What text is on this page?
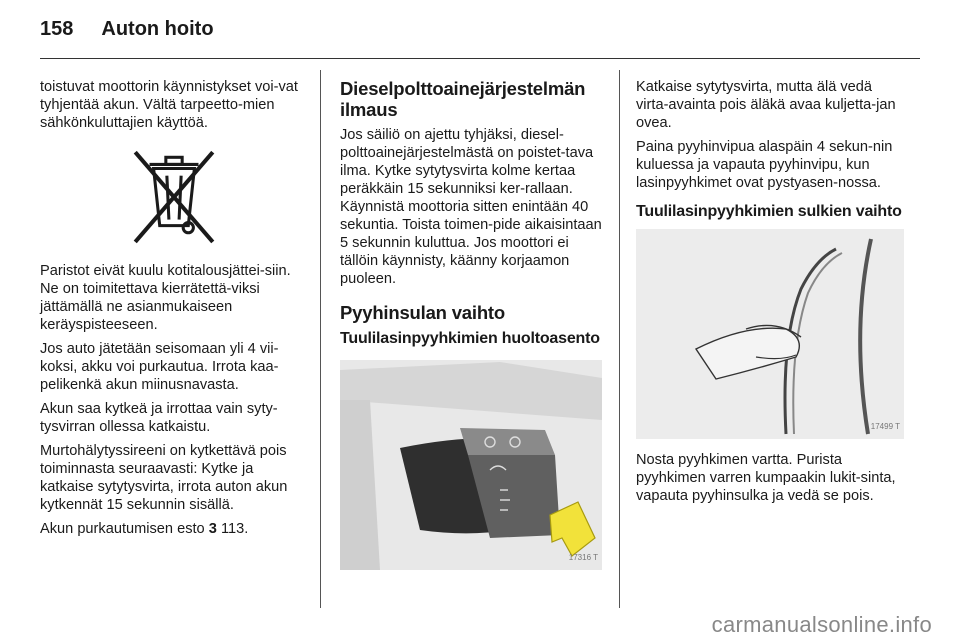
158 Auton hoito

toistuvat moottorin käynnistykset voi-vat tyhjentää akun. Vältä tarpeetto-mien sähkönkuluttajien käyttöä.

Paristot eivät kuulu kotitalousjättei-siin. Ne on toimitettava kierrätettä-viksi jättämällä ne asianmukaiseen keräyspisteeseen.

Jos auto jätetään seisomaan yli 4 vii-koksi, akku voi purkautua. Irrota kaa-pelikenkä akun miinusnavasta.

Akun saa kytkeä ja irrottaa vain syty-tysvirran ollessa katkaistu.

Murtohälytyssireeni on kytkettävä pois toiminnasta seuraavasti: Kytke ja katkaise sytytysvirta, irrota auton akun kytkennät 15 sekunnin sisällä.

Akun purkautumisen esto 3 113.

Dieselpolttoainejärjestelmän ilmaus

Jos säiliö on ajettu tyhjäksi, diesel-polttoainejärjestelmästä on poistet-tava ilma. Kytke sytytysvirta kolme kertaa peräkkäin 15 sekunniksi ker-rallaan. Käynnistä moottoria sitten enintään 40 sekuntia. Toista toimen-pide aikaisintaan 5 sekunnin kuluttua. Jos moottori ei tällöin käynnisty, käänny korjaamon puoleen.

Pyyhinsulan vaihto
Tuulilasinpyyhkimien huoltoasento
17316 T

Katkaise sytytysvirta, mutta älä vedä virta-avainta pois äläkä avaa kuljetta-jan ovea.

Paina pyyhinvipua alaspäin 4 sekun-nin kuluessa ja vapauta pyyhinvipu, kun lasinpyyhkimet ovat pystyasen-nossa.

Tuulilasinpyyhkimien sulkien vaihto
17499 T

Nosta pyyhkimen vartta. Purista pyyhkimen varren kumpaakin lukit-sinta, vapauta pyyhinsulka ja vedä se pois.

carmanualsonline.info
